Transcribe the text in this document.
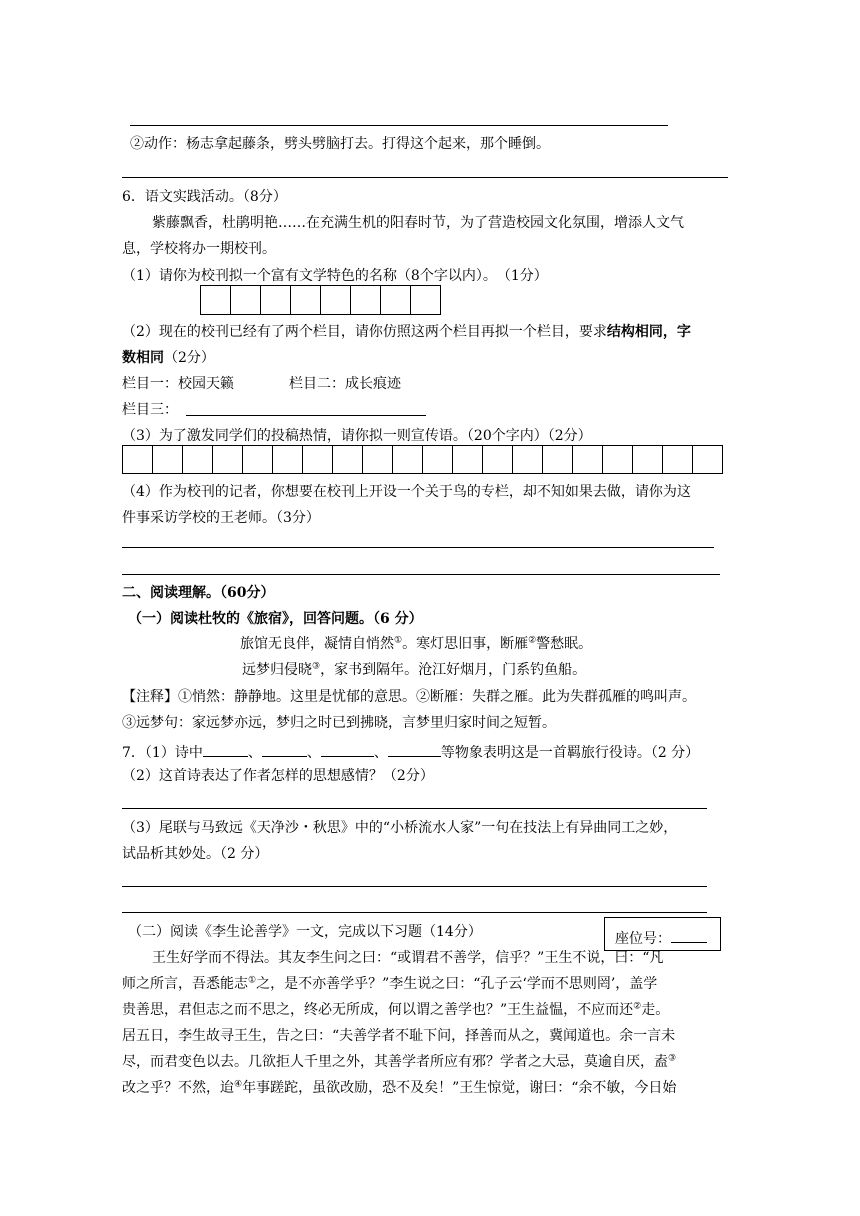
②动作：杨志拿起藤条，劈头劈脑打去。打得这个起来，那个睡倒。
6．语文实践活动。（8分）
紫藤飘香，杜鹃明艳……在充满生机的阳春时节，为了营造校园文化氛围，增添人文气
息，学校将办一期校刊。
（1）请你为校刊拟一个富有文学特色的名称（8个字以内）。　（1分）
（2）现在的校刊已经有了两个栏目，请你仿照这两个栏目再拟一个栏目，要求结构相同，字
数相同（2分）
栏目一：校园天籁	栏目二：成长痕迹
栏目三：
（3）为了激发同学们的投稿热情，请你拟一则宣传语。（20个字内）（2分）
（4）作为校刊的记者，你想要在校刊上开设一个关于鸟的专栏，却不知如果去做，请你为这
件事采访学校的王老师。（3分）
二、阅读理解。（60分）
（一）阅读杜牧的《旅宿》，回答问题。（6 分）
旅馆无良伴，凝情自悄然①。寒灯思旧事，断雁②警愁眠。
远梦归侵晓③，家书到隔年。沧江好烟月，门系钓鱼船。
【注释】①悄然：静静地。这里是忧郁的意思。②断雁：失群之雁。此为失群孤雁的鸣叫声。
③远梦句：家远梦亦远，梦归之时已到拂晓，言梦里归家时间之短暂。
7．（1）诗中	、	、	、	等物象表明这是一首羁旅行役诗。（2 分）
（2）这首诗表达了作者怎样的思想感情？（2分）
（3）尾联与马致远《天净沙・秋思》中的“小桥流水人家”一句在技法上有异曲同工之妙，
试品析其妙处。（2 分）
（二）阅读《李生论善学》一文，完成以下习题（14分）	座位号：
王生好学而不得法。其友李生问之曰：“或谓君不善学，信乎？”王生不说，曰：“凡
师之所言，吾悉能志①之，是不亦善学乎？”李生说之曰：“孔子云‘学而不思则罔’，盖学
贵善思，君但志之而不思之，终必无所成，何以谓之善学也？”王生益愠，不应而还②走。
居五日，李生故寻王生，告之曰：“夫善学者不耻下问，择善而从之，冀闻道也。余一言未
尽，而君变色以去。几欲拒人千里之外，其善学者所应有邪？学者之大忌，莫逾自厌，盍③
改之乎？不然，迨④年事蹉跎，虽欲改励，恐不及矣！”王生惊觉，谢曰：“余不敏，今日始
